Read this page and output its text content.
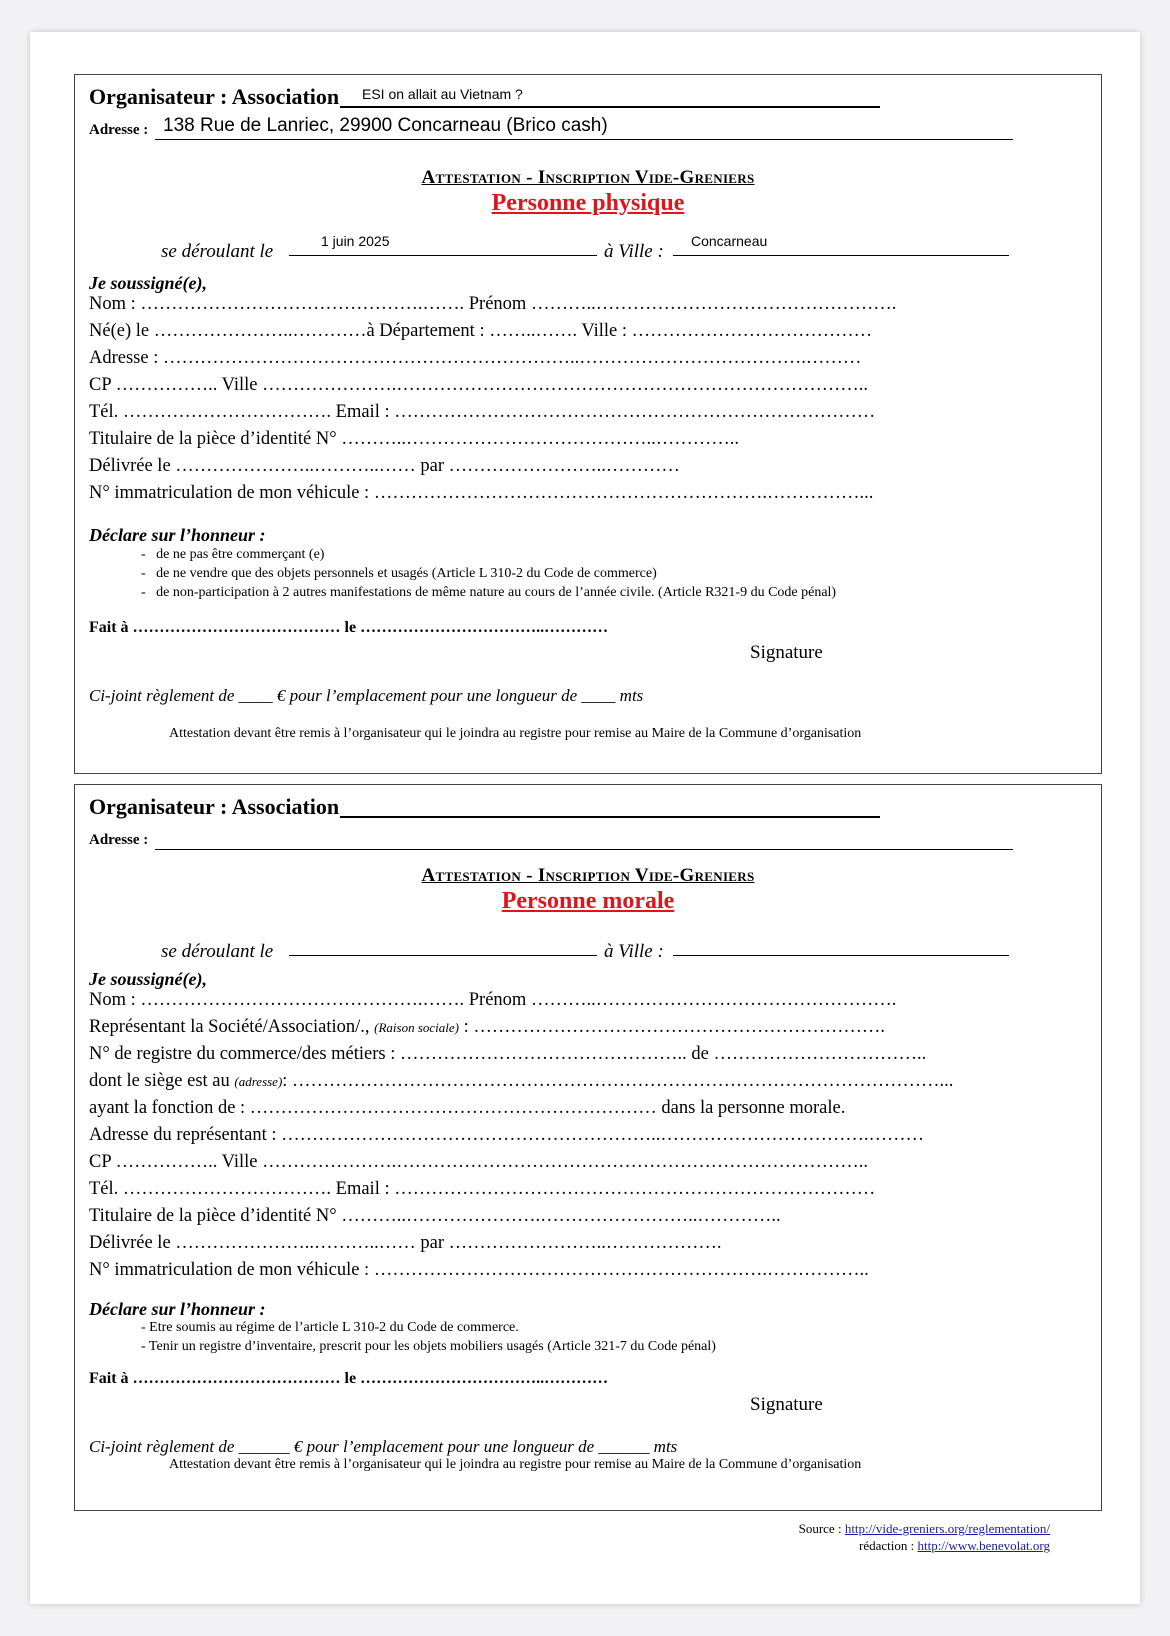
Organisateur : Association ESI on allait au Vietnam ?
Adresse : 138 Rue de Lanriec, 29900 Concarneau (Brico cash)
Attestation - Inscription Vide-Greniers
Personne physique
se déroulant le	1 juin 2025	à Ville : Concarneau
Je soussigné(e),
Nom : ……………………………………….……. Prénom ………..………………………………………….
Né(e) le …………………..…………à Département : ……..……. Ville : …………………………………
Adresse : …………………………………………………………..……………………………….………
CP …………….. Ville ………………….…………………………………………………………………..
Tél. ……………………………. Email : ……………………………………………………………………
Titulaire de la pièce d’identité N° ………..…………………………………..…………..
Délivrée le …………………..………..…… par ……………………..…………
N° immatriculation de mon véhicule : ……………………………………………………….……………...
Déclare sur l’honneur :
-   de ne pas être commerçant (e)
-   de ne vendre que des objets personnels et usagés (Article L 310-2 du Code de commerce)
-   de non-participation à 2 autres manifestations de même nature au cours de l’année civile. (Article R321-9 du Code pénal)
Fait à ………………………………… le ……………………………..…………
Signature
Ci-joint règlement de ____ € pour l’emplacement pour une longueur de ____ mts
Attestation devant être remis à l’organisateur qui le joindra au registre pour remise au Maire de la Commune d’organisation
Organisateur : Association
Adresse :
Attestation - Inscription Vide-Greniers
Personne morale
se déroulant le	à Ville :
Je soussigné(e),
Nom : ……………………………………….……. Prénom ………..………………………………………….
Représentant la Société/Association/., (Raison sociale) : ………………………………………………………….
N° de registre du commerce/des métiers : ……………………………………….. de ……………………………..
dont le siège est au (adresse): ……………………………………………………………………………………………...
ayant la fonction de : ………………………………………………………… dans la personne morale.
Adresse du représentant : ……………………………………………………..…………………………….………
CP …………….. Ville ………………….…………………………………………………………………..
Tél. ……………………………. Email : ……………………………………………………………………
Titulaire de la pièce d’identité N° ………..………………….……………………..…………..
Délivrée le …………………..………..…… par ……………………..……………….
N° immatriculation de mon véhicule : ……………………………………………………….……………..
Déclare sur l’honneur :
- Etre soumis au régime de l’article L 310-2 du Code de commerce.
- Tenir un registre d’inventaire, prescrit pour les objets mobiliers usagés (Article 321-7 du Code pénal)
Fait à ………………………………… le ……………………………..…………
Signature
Ci-joint règlement de ______ € pour l’emplacement pour une longueur de ______ mts
Attestation devant être remis à l’organisateur qui le joindra au registre pour remise au Maire de la Commune d’organisation
Source : http://vide-greniers.org/reglementation/
rédaction : http://www.benevolat.org
